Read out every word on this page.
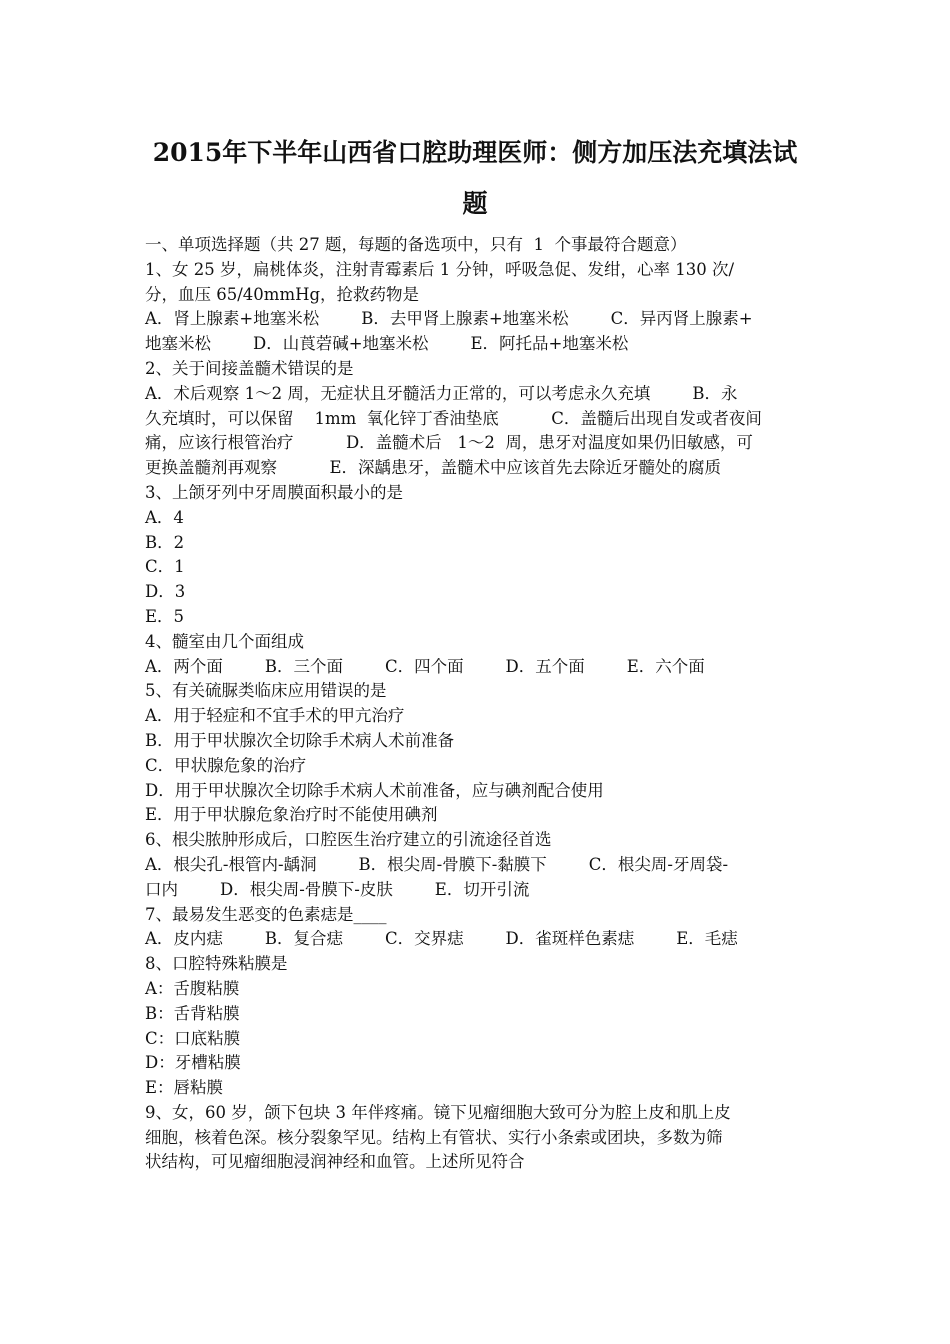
2015年下半年山西省口腔助理医师：侧方加压法充填法试
题
一、单项选择题（共 27 题，每题的备选项中，只有  1  个事最符合题意）
1、女 25 岁，扁桃体炎，注射青霉素后 1 分钟，呼吸急促、发绀，心率 130 次/
分，血压 65/40mmHg，抢救药物是
A．肾上腺素+地塞米松        B．去甲肾上腺素+地塞米松        C．异丙肾上腺素+
地塞米松        D．山莨菪碱+地塞米松        E．阿托品+地塞米松
2、关于间接盖髓术错误的是
A．术后观察 1～2 周，无症状且牙髓活力正常的，可以考虑永久充填        B．永
久充填时，可以保留    1mm  氧化锌丁香油垫底          C．盖髓后出现自发或者夜间
痛，应该行根管治疗          D．盖髓术后   1～2  周，患牙对温度如果仍旧敏感，可
更换盖髓剂再观察          E．深龋患牙，盖髓术中应该首先去除近牙髓处的腐质
3、上颌牙列中牙周膜面积最小的是
A．4
B．2
C．1
D．3
E．5
4、髓室由几个面组成
A．两个面        B．三个面        C．四个面        D．五个面        E．六个面
5、有关硫脲类临床应用错误的是
A．用于轻症和不宜手术的甲亢治疗
B．用于甲状腺次全切除手术病人术前准备
C．甲状腺危象的治疗
D．用于甲状腺次全切除手术病人术前准备，应与碘剂配合使用
E．用于甲状腺危象治疗时不能使用碘剂
6、根尖脓肿形成后，口腔医生治疗建立的引流途径首选
A．根尖孔-根管内-龋洞        B．根尖周-骨膜下-黏膜下        C．根尖周-牙周袋-
口内        D．根尖周-骨膜下-皮肤        E．切开引流
7、最易发生恶变的色素痣是____
A．皮内痣        B．复合痣        C．交界痣        D．雀斑样色素痣        E．毛痣
8、口腔特殊粘膜是
A：舌腹粘膜
B：舌背粘膜
C：口底粘膜
D：牙槽粘膜
E：唇粘膜
9、女，60 岁，颌下包块 3 年伴疼痛。镜下见瘤细胞大致可分为腔上皮和肌上皮
细胞，核着色深。核分裂象罕见。结构上有管状、实行小条索或团块，多数为筛
状结构，可见瘤细胞浸润神经和血管。上述所见符合
